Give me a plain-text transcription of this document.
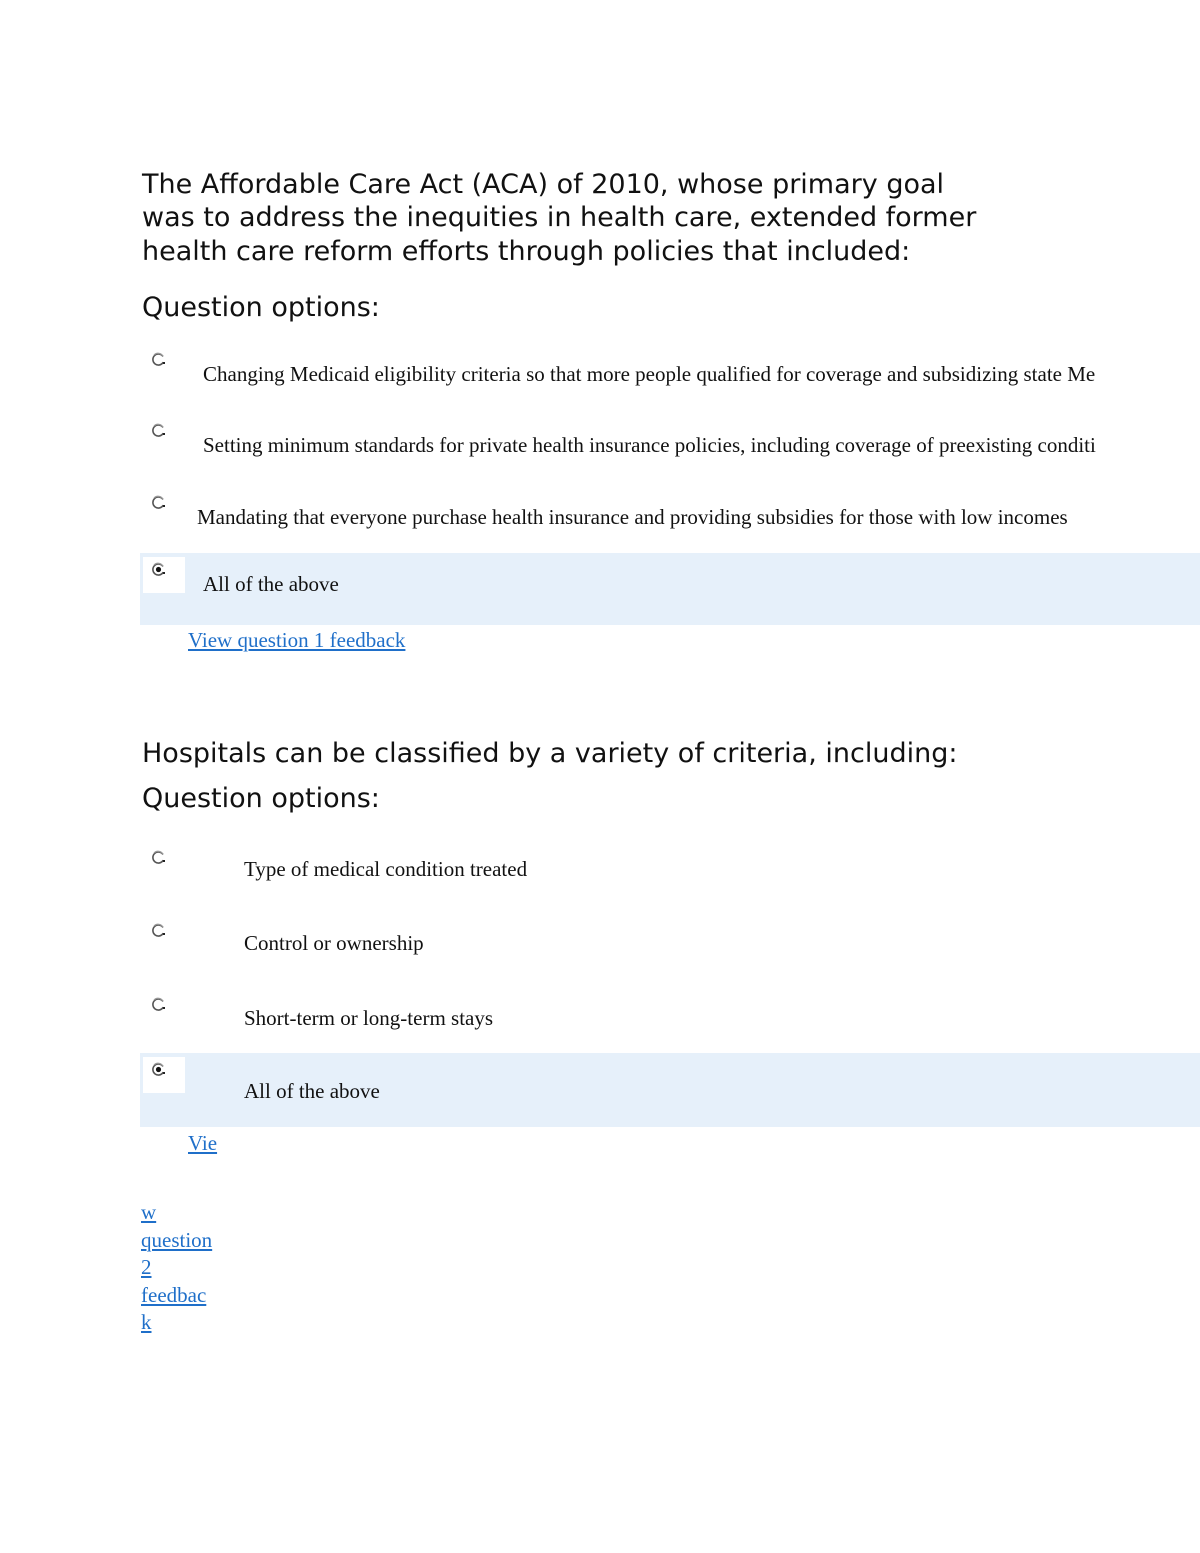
The Affordable Care Act (ACA) of 2010, whose primary goal
was to address the inequities in health care, extended former
health care reform efforts through policies that included:
Question options:
Changing Medicaid eligibility criteria so that more people qualified for coverage and subsidizing state Me
Setting minimum standards for private health insurance policies, including coverage of preexisting conditi
Mandating that everyone purchase health insurance and providing subsidies for those with low incomes
All of the above
View question 1 feedback
Hospitals can be classified by a variety of criteria, including:
Question options:
Type of medical condition treated
Control or ownership
Short-term or long-term stays
All of the above
Vie
w
question
2
feedbac
k
